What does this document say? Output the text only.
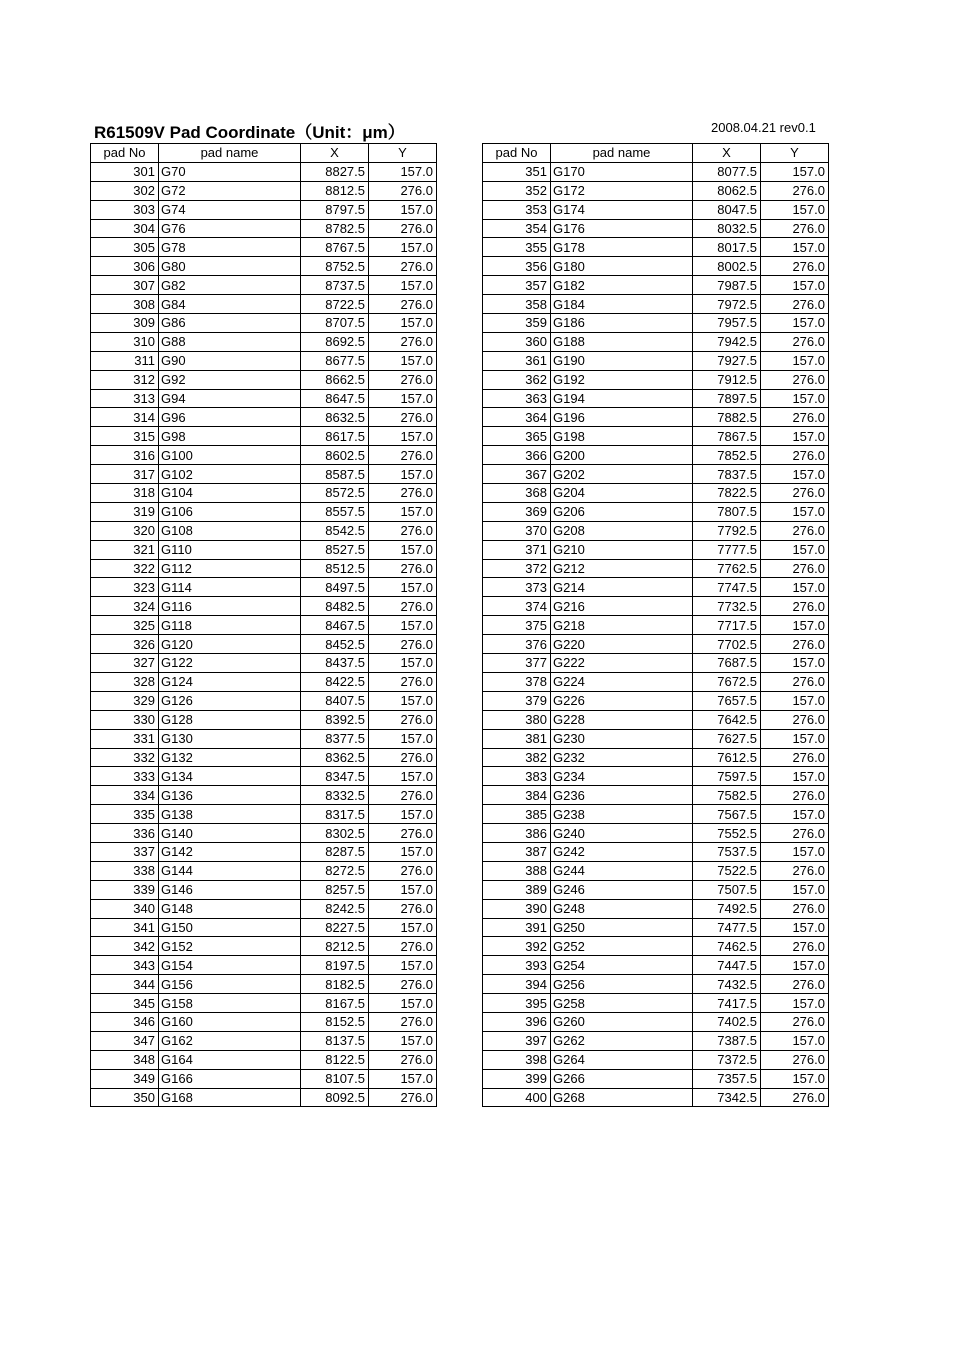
R61509V Pad Coordinate（Unit：μm）	2008.04.21 rev0.1
pad No	pad name	X	Y
301	G70	8827.5	157.0
302	G72	8812.5	276.0
303	G74	8797.5	157.0
304	G76	8782.5	276.0
305	G78	8767.5	157.0
306	G80	8752.5	276.0
307	G82	8737.5	157.0
308	G84	8722.5	276.0
309	G86	8707.5	157.0
310	G88	8692.5	276.0
311	G90	8677.5	157.0
312	G92	8662.5	276.0
313	G94	8647.5	157.0
314	G96	8632.5	276.0
315	G98	8617.5	157.0
316	G100	8602.5	276.0
317	G102	8587.5	157.0
318	G104	8572.5	276.0
319	G106	8557.5	157.0
320	G108	8542.5	276.0
321	G110	8527.5	157.0
322	G112	8512.5	276.0
323	G114	8497.5	157.0
324	G116	8482.5	276.0
325	G118	8467.5	157.0
326	G120	8452.5	276.0
327	G122	8437.5	157.0
328	G124	8422.5	276.0
329	G126	8407.5	157.0
330	G128	8392.5	276.0
331	G130	8377.5	157.0
332	G132	8362.5	276.0
333	G134	8347.5	157.0
334	G136	8332.5	276.0
335	G138	8317.5	157.0
336	G140	8302.5	276.0
337	G142	8287.5	157.0
338	G144	8272.5	276.0
339	G146	8257.5	157.0
340	G148	8242.5	276.0
341	G150	8227.5	157.0
342	G152	8212.5	276.0
343	G154	8197.5	157.0
344	G156	8182.5	276.0
345	G158	8167.5	157.0
346	G160	8152.5	276.0
347	G162	8137.5	157.0
348	G164	8122.5	276.0
349	G166	8107.5	157.0
350	G168	8092.5	276.0
pad No	pad name	X	Y
351	G170	8077.5	157.0
352	G172	8062.5	276.0
353	G174	8047.5	157.0
354	G176	8032.5	276.0
355	G178	8017.5	157.0
356	G180	8002.5	276.0
357	G182	7987.5	157.0
358	G184	7972.5	276.0
359	G186	7957.5	157.0
360	G188	7942.5	276.0
361	G190	7927.5	157.0
362	G192	7912.5	276.0
363	G194	7897.5	157.0
364	G196	7882.5	276.0
365	G198	7867.5	157.0
366	G200	7852.5	276.0
367	G202	7837.5	157.0
368	G204	7822.5	276.0
369	G206	7807.5	157.0
370	G208	7792.5	276.0
371	G210	7777.5	157.0
372	G212	7762.5	276.0
373	G214	7747.5	157.0
374	G216	7732.5	276.0
375	G218	7717.5	157.0
376	G220	7702.5	276.0
377	G222	7687.5	157.0
378	G224	7672.5	276.0
379	G226	7657.5	157.0
380	G228	7642.5	276.0
381	G230	7627.5	157.0
382	G232	7612.5	276.0
383	G234	7597.5	157.0
384	G236	7582.5	276.0
385	G238	7567.5	157.0
386	G240	7552.5	276.0
387	G242	7537.5	157.0
388	G244	7522.5	276.0
389	G246	7507.5	157.0
390	G248	7492.5	276.0
391	G250	7477.5	157.0
392	G252	7462.5	276.0
393	G254	7447.5	157.0
394	G256	7432.5	276.0
395	G258	7417.5	157.0
396	G260	7402.5	276.0
397	G262	7387.5	157.0
398	G264	7372.5	276.0
399	G266	7357.5	157.0
400	G268	7342.5	276.0
